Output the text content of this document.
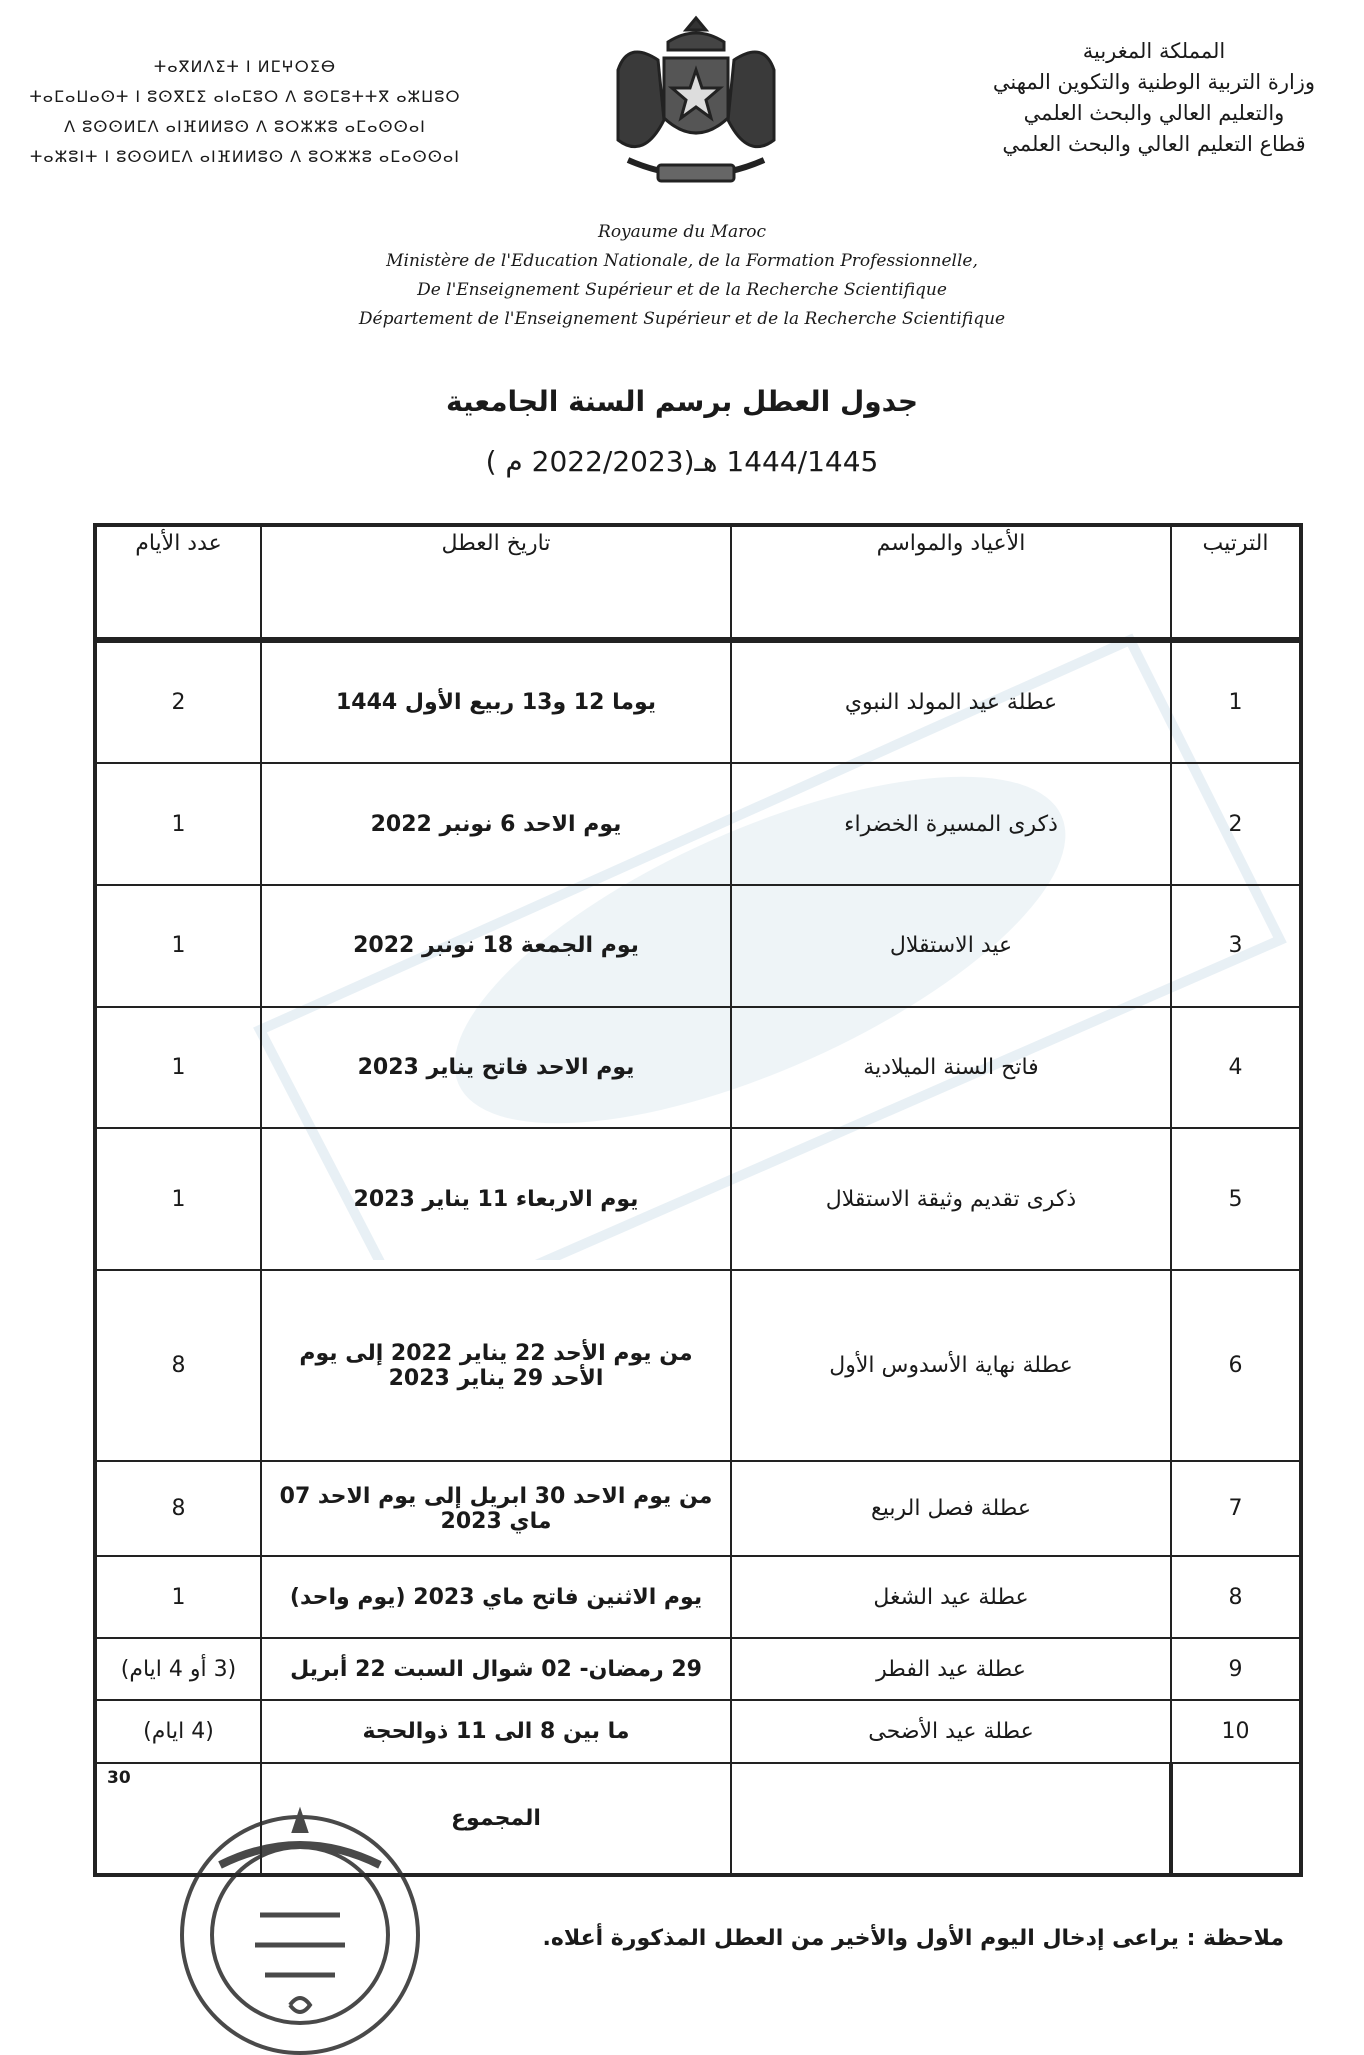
المملكة المغربية
وزارة التربية الوطنية والتكوين المهني
والتعليم العالي والبحث العلمي
قطاع التعليم العالي والبحث العلمي
ⵜⴰⴳⵍⴷⵉⵜ ⵏ ⵍⵎⵖⵔⵉⴱ
ⵜⴰⵎⴰⵡⴰⵙⵜ ⵏ ⵓⵙⴳⵎⵉ ⴰⵏⴰⵎⵓⵔ ⴷ ⵓⵙⵎⵓⵜⵜⴳ ⴰⵣⵡⵓⵔ
ⴷ ⵓⵙⵙⵍⵎⴷ ⴰⵏⴼⵍⵍⵓⵙ ⴷ ⵓⵔⵣⵣⵓ ⴰⵎⴰⵙⵙⴰⵏ
ⵜⴰⵣⵓⵏⵜ ⵏ ⵓⵙⵙⵍⵎⴷ ⴰⵏⴼⵍⵍⵓⵙ ⴷ ⵓⵔⵣⵣⵓ ⴰⵎⴰⵙⵙⴰⵏ
Royaume du Maroc
Ministère de l'Education Nationale, de la Formation Professionnelle,
De l'Enseignement Supérieur et de la Recherche Scientifique
Département de l'Enseignement Supérieur et de la Recherche Scientifique
جدول العطل برسم السنة الجامعية
1444/1445 هـ(2022/2023 م )
الترتيب	الأعياد والمواسم	تاريخ العطل	عدد الأيام
1	عطلة عيد المولد النبوي	يوما 12 و13 ربيع الأول 1444	2
2	ذكرى المسيرة الخضراء	يوم الاحد 6 نونبر 2022	1
3	عيد الاستقلال	يوم الجمعة 18 نونبر 2022	1
4	فاتح السنة الميلادية	يوم الاحد فاتح يناير 2023	1
5	ذكرى تقديم وثيقة الاستقلال	يوم الاربعاء 11 يناير 2023	1
6	عطلة نهاية الأسدوس الأول	من يوم الأحد 22 يناير 2022 إلى يوم الأحد 29 يناير 2023	8
7	عطلة فصل الربيع	من يوم الاحد 30 ابريل إلى يوم الاحد 07 ماي 2023	8
8	عطلة عيد الشغل	يوم الاثنين فاتح ماي 2023 (يوم واحد)	1
9	عطلة عيد الفطر	29 رمضان- 02 شوال السبت 22 أبريل	(3 أو 4 ايام)
10	عطلة عيد الأضحى	ما بين 8 الى 11 ذوالحجة	(4 ايام)
		المجموع	30
ملاحظة : يراعى إدخال اليوم الأول والأخير من العطل المذكورة أعلاه.
